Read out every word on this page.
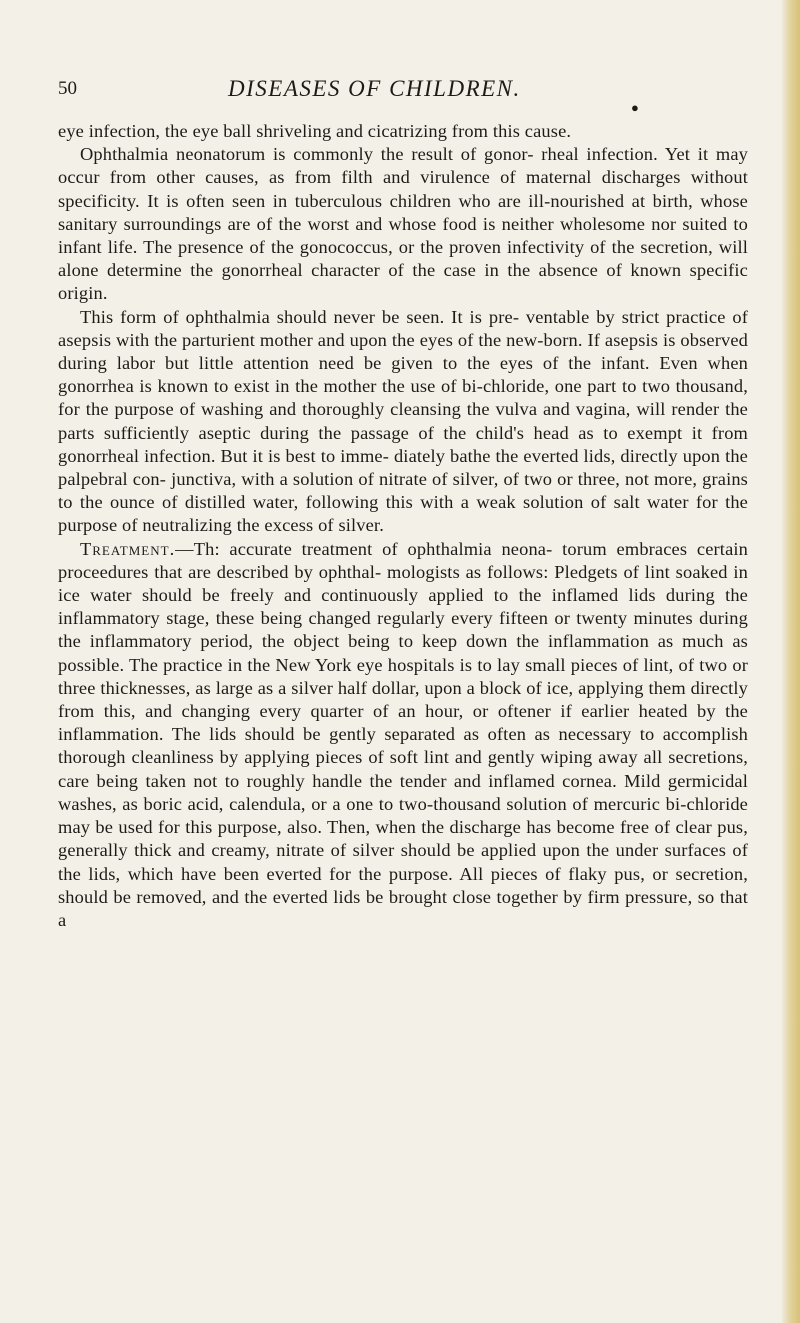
50	DISEASES OF CHILDREN.
●

eye infection, the eye ball shriveling and cicatrizing from this cause.

Ophthalmia neonatorum is commonly the result of gonor- rheal infection. Yet it may occur from other causes, as from filth and virulence of maternal discharges without specificity. It is often seen in tuberculous children who are ill-nourished at birth, whose sanitary surroundings are of the worst and whose food is neither wholesome nor suited to infant life. The presence of the gonococcus, or the proven infectivity of the secretion, will alone determine the gonorrheal character of the case in the absence of known specific origin.

This form of ophthalmia should never be seen. It is pre- ventable by strict practice of asepsis with the parturient mother and upon the eyes of the new-born. If asepsis is observed during labor but little attention need be given to the eyes of the infant. Even when gonorrhea is known to exist in the mother the use of bi-chloride, one part to two thousand, for the purpose of washing and thoroughly cleansing the vulva and vagina, will render the parts sufficiently aseptic during the passage of the child's head as to exempt it from gonorrheal infection. But it is best to imme- diately bathe the everted lids, directly upon the palpebral con- junctiva, with a solution of nitrate of silver, of two or three, not more, grains to the ounce of distilled water, following this with a weak solution of salt water for the purpose of neutralizing the excess of silver.

Treatment.—Th: accurate treatment of ophthalmia neona- torum embraces certain proceedures that are described by ophthal- mologists as follows: Pledgets of lint soaked in ice water should be freely and continuously applied to the inflamed lids during the inflammatory stage, these being changed regularly every fifteen or twenty minutes during the inflammatory period, the object being to keep down the inflammation as much as possible. The practice in the New York eye hospitals is to lay small pieces of lint, of two or three thicknesses, as large as a silver half dollar, upon a block of ice, applying them directly from this, and changing every quarter of an hour, or oftener if earlier heated by the inflammation. The lids should be gently separated as often as necessary to accomplish thorough cleanliness by applying pieces of soft lint and gently wiping away all secretions, care being taken not to roughly handle the tender and inflamed cornea. Mild germicidal washes, as boric acid, calendula, or a one to two-thousand solution of mercuric bi-chloride may be used for this purpose, also. Then, when the discharge has become free of clear pus, generally thick and creamy, nitrate of silver should be applied upon the under surfaces of the lids, which have been everted for the purpose. All pieces of flaky pus, or secretion, should be removed, and the everted lids be brought close together by firm pressure, so that a
